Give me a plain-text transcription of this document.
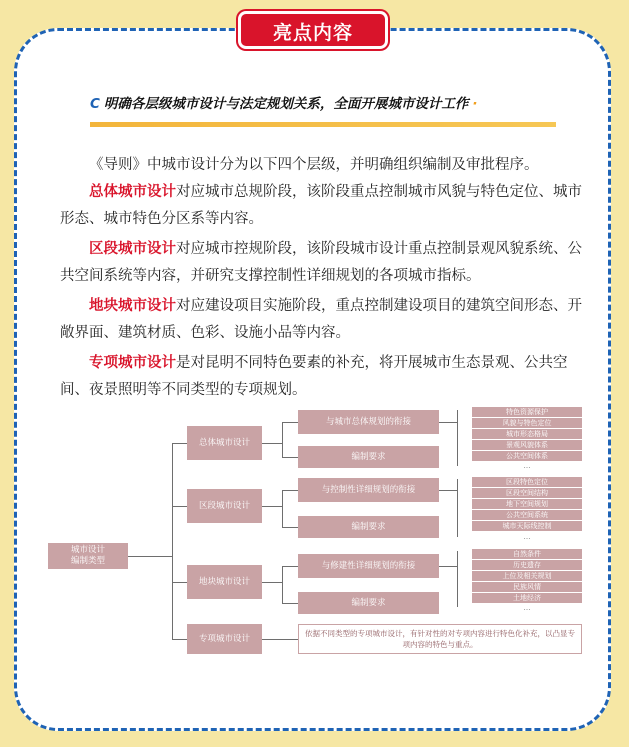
亮点内容
C 明确各层级城市设计与法定规划关系，全面开展城市设计工作 ·
《导则》中城市设计分为以下四个层级，并明确组织编制及审批程序。
总体城市设计对应城市总规阶段，该阶段重点控制城市风貌与特色定位、城市形态、城市特色分区系等内容。
区段城市设计对应城市控规阶段，该阶段城市设计重点控制景观风貌系统、公共空间系统等内容，并研究支撑控制性详细规划的各项城市指标。
地块城市设计对应建设项目实施阶段，重点控制建设项目的建筑空间形态、开敞界面、建筑材质、色彩、设施小品等内容。
专项城市设计是对昆明不同特色要素的补充，将开展城市生态景观、公共空间、夜景照明等不同类型的专项规划。
城市设计
编制类型
总体城市设计
区段城市设计
地块城市设计
专项城市设计
与城市总体规划的衔接
编制要求
与控制性详细规划的衔接
编制要求
与修建性详细规划的衔接
编制要求
依据不同类型的专项城市设计，有针对性的对专项内容进行特色化补充，以凸显专项内容的特色与重点。
特色资源保护
风貌与特色定位
城市形态格局
景观风貌体系
公共空间体系
…
区段特色定位
区段空间结构
地下空间规划
公共空间系统
城市天际线控制
…
自然条件
历史遗存
上位及相关规划
民族风情
土地经济
…
